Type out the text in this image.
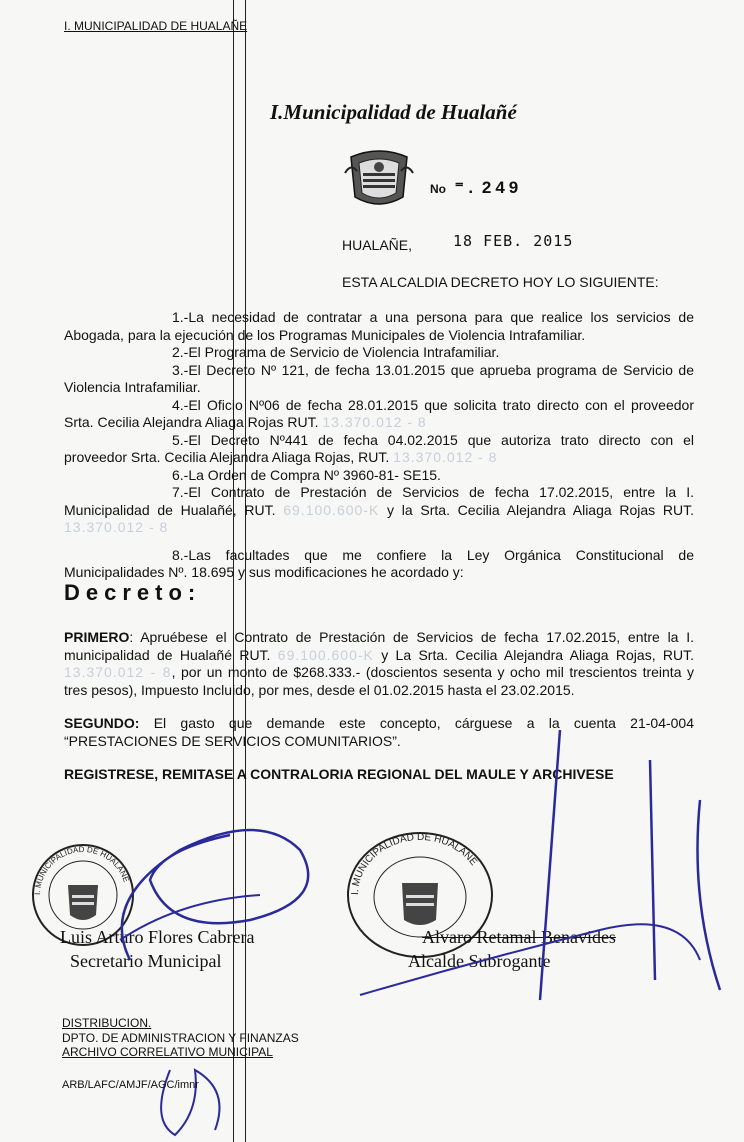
I. MUNICIPALIDAD DE HUALAÑE
I.Municipalidad de Hualañé
No ⁼ . 249
HUALAÑE,	18 FEB. 2015
ESTA ALCALDIA DECRETO HOY LO SIGUIENTE:

1.-La necesidad de contratar a una persona para que realice los servicios de Abogada, para la ejecución de los Programas Municipales de Violencia Intrafamiliar.

2.-El Programa de Servicio de Violencia Intrafamiliar.

3.-El Decreto Nº 121, de fecha 13.01.2015 que aprueba programa de Servicio de Violencia Intrafamiliar.

4.-El Oficio Nº06 de fecha 28.01.2015 que solicita trato directo con el proveedor Srta. Cecilia Alejandra Aliaga Rojas RUT. 13.370.012 - 8

5.-El Decreto Nº441 de fecha 04.02.2015 que autoriza trato directo con el proveedor Srta. Cecilia Alejandra Aliaga Rojas, RUT. 13.370.012 - 8

6.-La Orden de Compra Nº 3960-81- SE15.

7.-El Contrato de Prestación de Servicios de fecha 17.02.2015, entre la I. Municipalidad de Hualañé, RUT. 69.100.600-K y la Srta. Cecilia Alejandra Aliaga Rojas RUT. 13.370.012 - 8

8.-Las facultades que me confiere la Ley Orgánica Constitucional de Municipalidades Nº. 18.695 y sus modificaciones he acordado y:

Decreto:
PRIMERO: Apruébese el Contrato de Prestación de Servicios de fecha 17.02.2015, entre la I. municipalidad de Hualañé RUT. 69.100.600-K y La Srta. Cecilia Alejandra Aliaga Rojas, RUT. 13.370.012 - 8, por un monto de $268.333.- (doscientos sesenta y ocho mil trescientos treinta y tres pesos), Impuesto Incluido, por mes, desde el 01.02.2015 hasta el 23.02.2015.
SEGUNDO: El gasto que demande este concepto, cárguese a la cuenta 21-04-004 “PRESTACIONES DE SERVICIOS COMUNITARIOS”.
REGISTRESE, REMITASE A CONTRALORIA REGIONAL DEL MAULE Y ARCHIVESE
I. MUNICIPALIDAD DE HUALAÑE
I. MUNICIPALIDAD DE HUALAÑE
Luis Arturo Flores Cabrera
Secretario Municipal
Alvaro Retamal Benavides
Alcalde Subrogante
DISTRIBUCION.
DPTO. DE ADMINISTRACION Y FINANZAS
ARCHIVO CORRELATIVO MUNICIPAL
ARB/LAFC/AMJF/AGC/imnr
